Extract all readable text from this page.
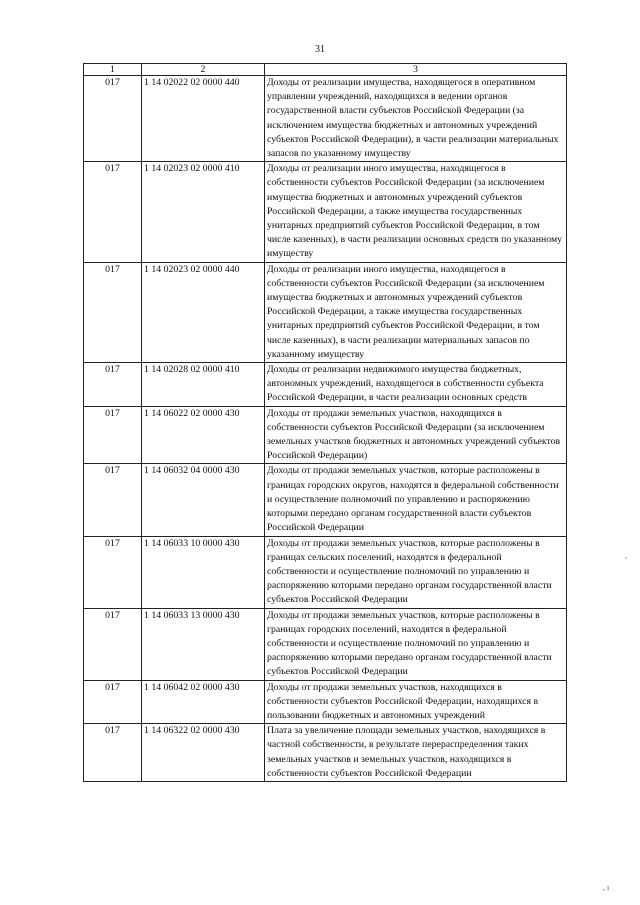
31
1	2	3
017	1 14 02022 02 0000 440	Доходы от реализации имущества, находящегося в оперативном управлении учреждений, находящихся в ведении органов государственной власти субъектов Российской Федерации (за исключением имущества бюджетных и автономных учреждений субъектов Российской Федерации), в части реализации материальных запасов по указанному имуществу
017	1 14 02023 02 0000 410	Доходы от реализации иного имущества, находящегося в собственности субъектов Российской Федерации (за исключением имущества бюджетных и автономных учреждений субъектов Российской Федерации, а также имущества государственных унитарных предприятий субъектов Российской Федерации, в том числе казенных), в части реализации основных средств по указанному имуществу
017	1 14 02023 02 0000 440	Доходы от реализации иного имущества, находящегося в собственности субъектов Российской Федерации (за исключением имущества бюджетных и автономных учреждений субъектов Российской Федерации, а также имущества государственных унитарных предприятий субъектов Российской Федерации, в том числе казенных), в части реализации материальных запасов по указанному имуществу
017	1 14 02028 02 0000 410	Доходы от реализации недвижимого имущества бюджетных, автономных учреждений, находящегося в собственности субъекта Российской Федерации, в части реализации основных средств
017	1 14 06022 02 0000 430	Доходы от продажи земельных участков, находящихся в собственности субъектов Российской Федерации (за исключением земельных участков бюджетных и автономных учреждений субъектов Российской Федерации)
017	1 14 06032 04 0000 430	Доходы от продажи земельных участков, которые расположены в границах городских округов, находятся в федеральной собственности и осуществление полномочий по управлению и распоряжению которыми передано органам государственной власти субъектов Российской Федерации
017	1 14 06033 10 0000 430	Доходы от продажи земельных участков, которые расположены в границах сельских поселений, находятся в федеральной собственности и осуществление полномочий по управлению и распоряжению которыми передано органам государственной власти субъектов Российской Федерации
017	1 14 06033 13 0000 430	Доходы от продажи земельных участков, которые расположены в границах городских поселений, находятся в федеральной собственности и осуществление полномочий по управлению и распоряжению которыми передано органам государственной власти субъектов Российской Федерации
017	1 14 06042 02 0000 430	Доходы от продажи земельных участков, находящихся в собственности субъектов Российской Федерации, находящихся в пользовании бюджетных и автономных учреждений
017	1 14 06322 02 0000 430	Плата за увеличение площади земельных участков, находящихся в частной собственности, в результате перераспределения таких земельных участков и земельных участков, находящихся в собственности субъектов Российской Федерации
,
, ı
